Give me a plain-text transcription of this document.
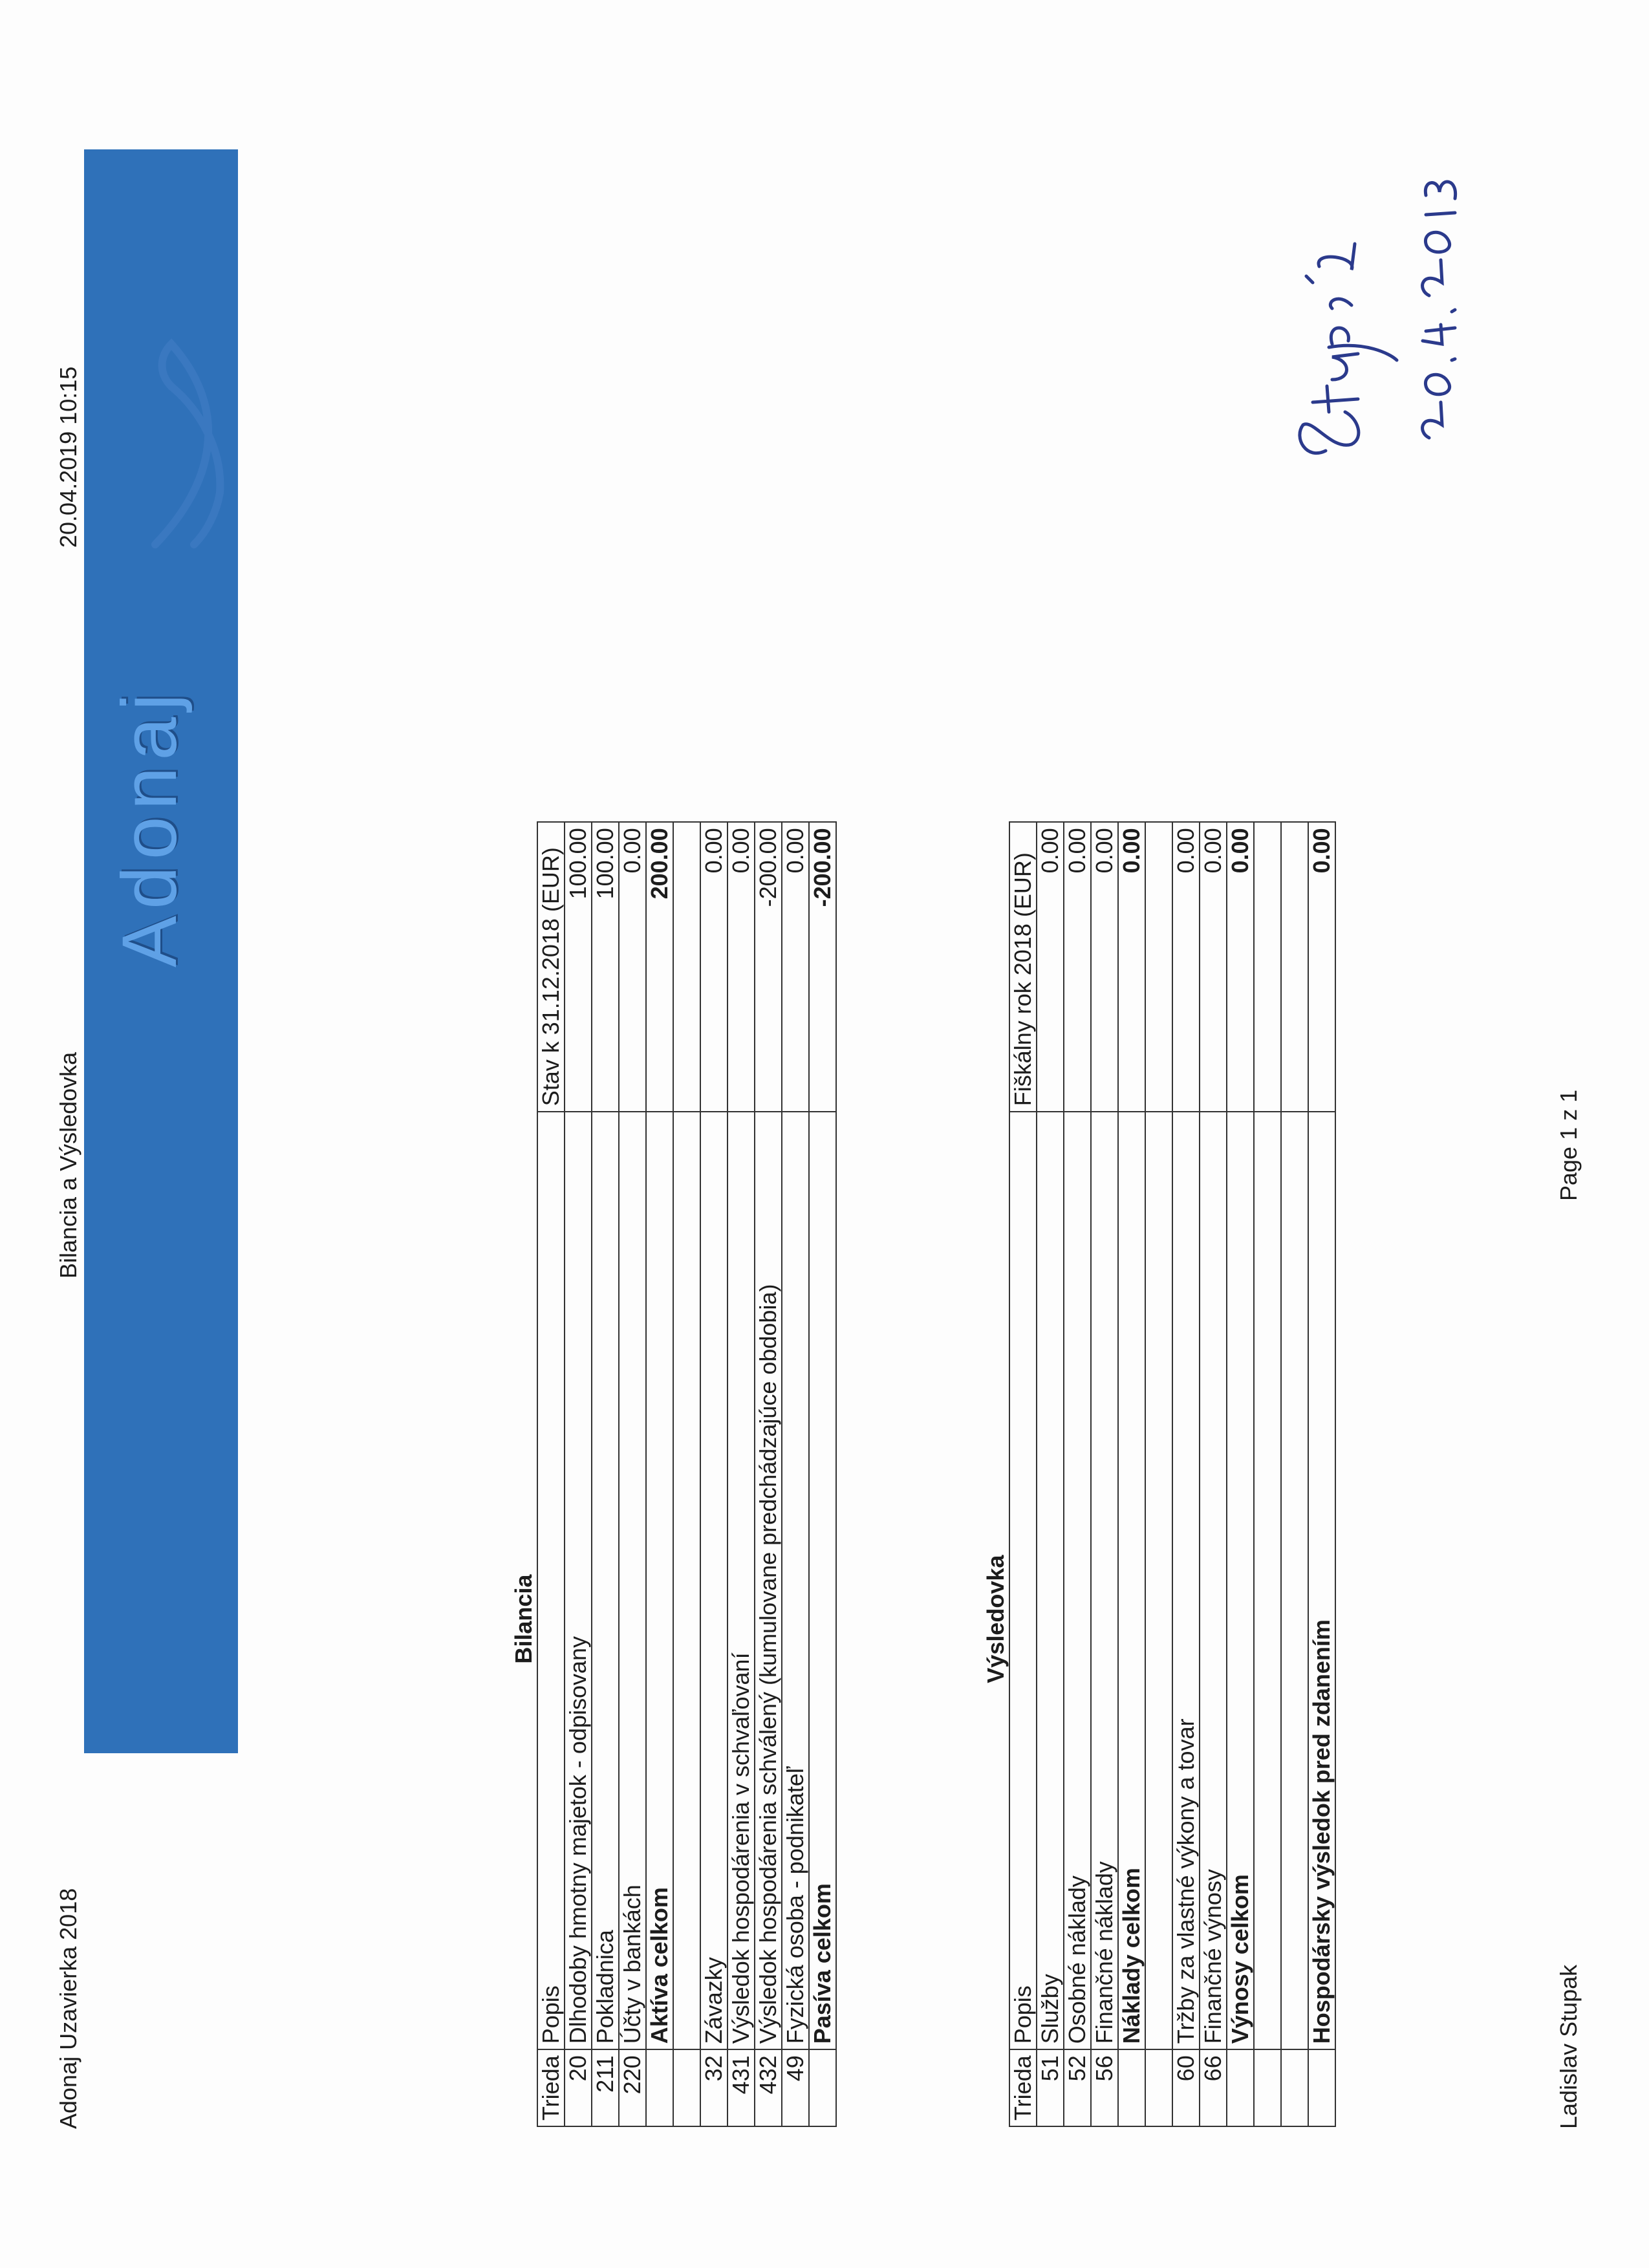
Adonaj Uzavierka 2018
Bilancia a Výsledovka
20.04.2019 10:15
Adonaj
Bilancia		
Trieda	Popis	Stav k 31.12.2018 (EUR)
20	Dlhodoby hmotny majetok - odpisovany	100.00
211	Pokladnica	100.00
220	Účty v bankách	0.00
	Aktíva celkom	200.00

32	Závazky	0.00
431	Výsledok hospodárenia v schvaľovaní	0.00
432	Výsledok hospodárenia schválený (kumulovane predchádzajúce obdobia)	-200.00
49	Fyzická osoba - podnikateľ	0.00
	Pasíva celkom	-200.00
Výsledovka		
Trieda	Popis	Fiškálny rok 2018 (EUR)
51	Služby	0.00
52	Osobné náklady	0.00
56	Finančné náklady	0.00
	Náklady celkom	0.00

60	Tržby za vlastné výkony a tovar	0.00
66	Finančné výnosy	0.00
	Výnosy celkom	0.00

	Hospodársky výsledok pred zdanením	0.00
Ladislav Stupak
Page 1 z 1
